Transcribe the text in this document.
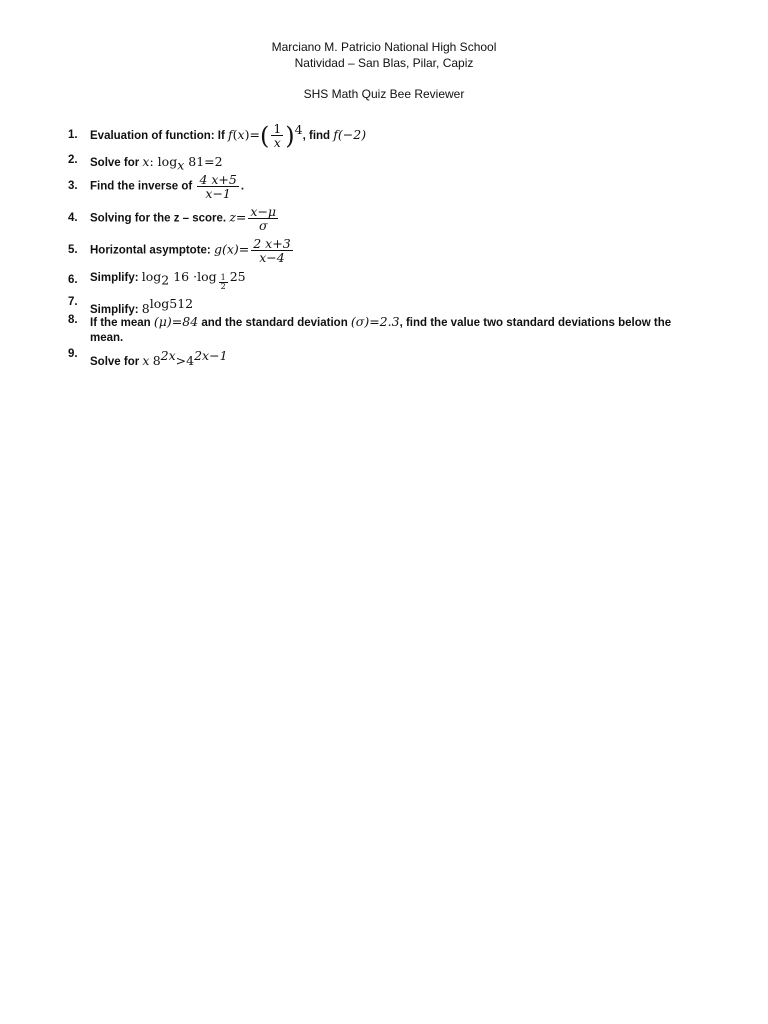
Marciano M. Patricio National High School
Natividad – San Blas, Pilar, Capiz
SHS Math Quiz Bee Reviewer
1.	Evaluation of function: If $f(x)=( \frac{1}{x} )^4$, find f(−2)
2.	Solve for x: $\log_x 81=2$
3.	Find the inverse of $\frac{4 x+5}{x-1}$ .
4.	Solving for the z – score. $z= \frac{x-\mu}{\sigma}$
5.	Horizontal asymptote: $g(x)= \frac{2 x+3}{x-4}$
6.	Simplify: $\log_2 16 \cdot\log \frac{1}{2} 25$
7.
Simplify: $8^{log512}$
8.	If the mean (μ)=84 and the standard deviation (σ)=2.3, find the value two standard deviations below the mean.
9.
Solve for x $8^{2x}>4^{2x-1}$
